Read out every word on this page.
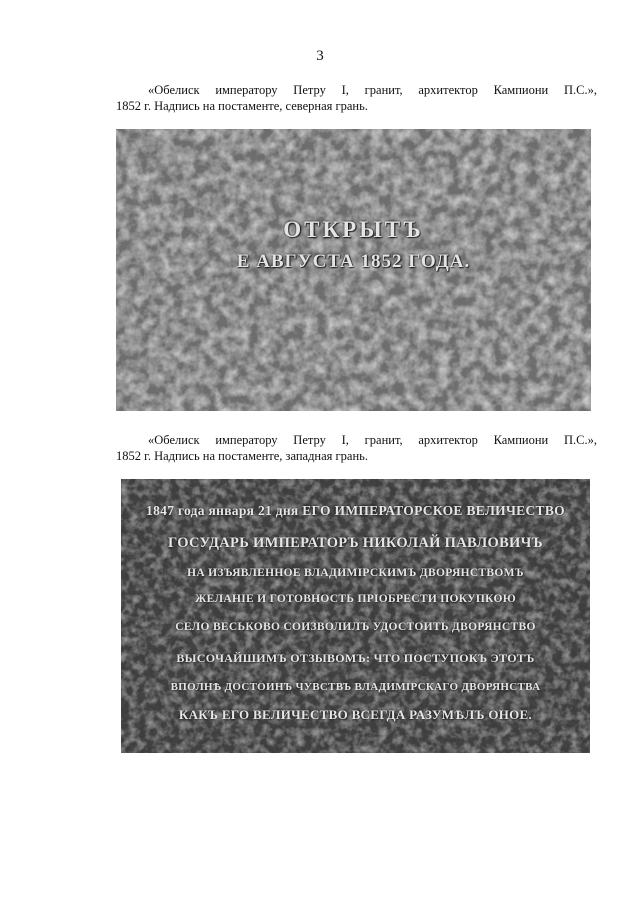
3
«Обелиск императору Петру I, гранит, архитектор Кампиони П.С.»,
1852 г. Надпись на постаменте, северная грань.
ОТКРЫТЪ
Е АВГУСТА 1852 ГОДА.
«Обелиск императору Петру I, гранит, архитектор Кампиони П.С.»,
1852 г. Надпись на постаменте, западная грань.
1847 года января 21 дня ЕГО ИМПЕРАТОРСКОЕ ВЕЛИЧЕСТВО
ГОСУДАРЬ ИМПЕРАТОРЪ НИКОЛАЙ ПАВЛОВИЧЪ
НА ИЗЪЯВЛЕННОЕ ВЛАДИМІРСКИМЪ ДВОРЯНСТВОМЪ
ЖЕЛАНІЕ И ГОТОВНОСТЬ ПРІОБРЕСТИ ПОКУПКОЮ
СЕЛО ВЕСЬКОВО СОИЗВОЛИЛЪ УДОСТОИТЬ ДВОРЯНСТВО
ВЫСОЧАЙШИМЪ ОТЗЫВОМЪ: ЧТО ПОСТУПОКЪ ЭТОТЪ
ВПОЛНѢ ДОСТОИНЪ ЧУВСТВЪ ВЛАДИМІРСКАГО ДВОРЯНСТВА
КАКЪ ЕГО ВЕЛИЧЕСТВО ВСЕГДА РАЗУМѢЛЪ ОНОЕ.
